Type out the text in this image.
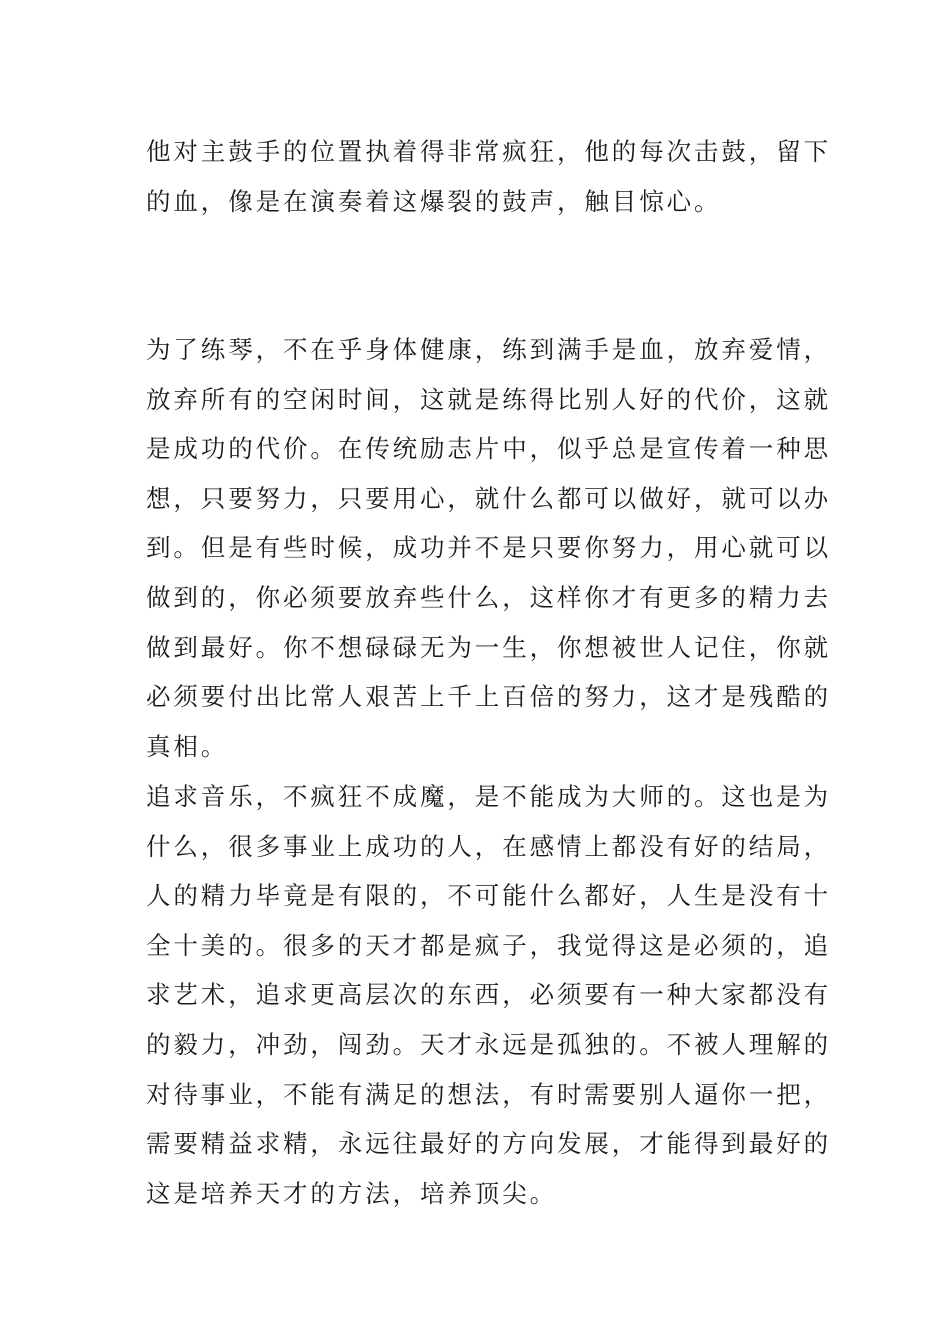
他对主鼓手的位置执着得非常疯狂，他的每次击鼓，留下
的血，像是在演奏着这爆裂的鼓声，触目惊心。

为了练琴，不在乎身体健康，练到满手是血，放弃爱情，
放弃所有的空闲时间，这就是练得比别人好的代价，这就
是成功的代价。在传统励志片中，似乎总是宣传着一种思
想，只要努力，只要用心，就什么都可以做好，就可以办
到。但是有些时候，成功并不是只要你努力，用心就可以
做到的，你必须要放弃些什么，这样你才有更多的精力去
做到最好。你不想碌碌无为一生，你想被世人记住，你就
必须要付出比常人艰苦上千上百倍的努力，这才是残酷的
真相。

追求音乐，不疯狂不成魔，是不能成为大师的。这也是为
什么，很多事业上成功的人，在感情上都没有好的结局，
人的精力毕竟是有限的，不可能什么都好，人生是没有十
全十美的。很多的天才都是疯子，我觉得这是必须的，追
求艺术，追求更高层次的东西，必须要有一种大家都没有
的毅力，冲劲，闯劲。天才永远是孤独的。不被人理解的
对待事业，不能有满足的想法，有时需要别人逼你一把，
需要精益求精，永远往最好的方向发展，才能得到最好的
这是培养天才的方法，培养顶尖。
